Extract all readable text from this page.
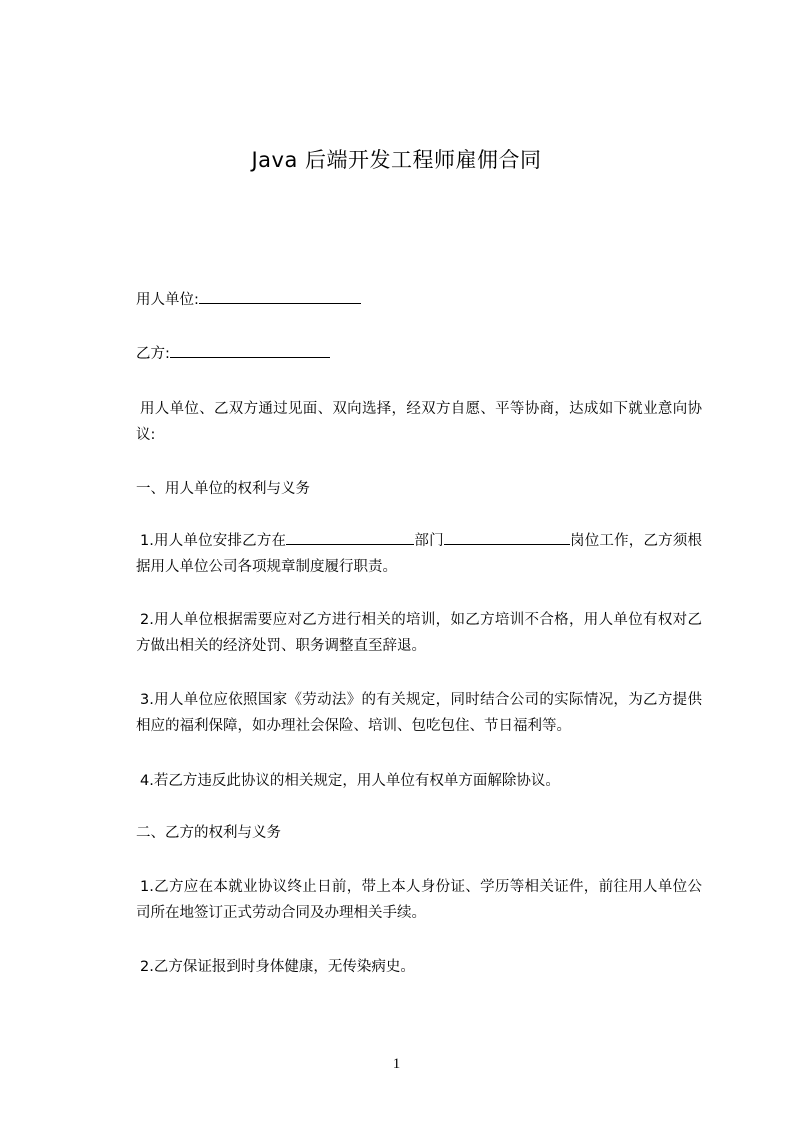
Java 后端开发工程师雇佣合同
用人单位:
乙方:
用人单位、乙双方通过见面、双向选择，经双方自愿、平等协商，达成如下就业意向协议:
一、用人单位的权利与义务
1.用人单位安排乙方在	部门	岗位工作，乙方须根据用人单位公司各项规章制度履行职责。
2.用人单位根据需要应对乙方进行相关的培训，如乙方培训不合格，用人单位有权对乙方做出相关的经济处罚、职务调整直至辞退。
3.用人单位应依照国家《劳动法》的有关规定，同时结合公司的实际情况，为乙方提供相应的福利保障，如办理社会保险、培训、包吃包住、节日福利等。
4.若乙方违反此协议的相关规定，用人单位有权单方面解除协议。
二、乙方的权利与义务
1.乙方应在本就业协议终止日前，带上本人身份证、学历等相关证件，前往用人单位公司所在地签订正式劳动合同及办理相关手续。
2.乙方保证报到时身体健康，无传染病史。
1
